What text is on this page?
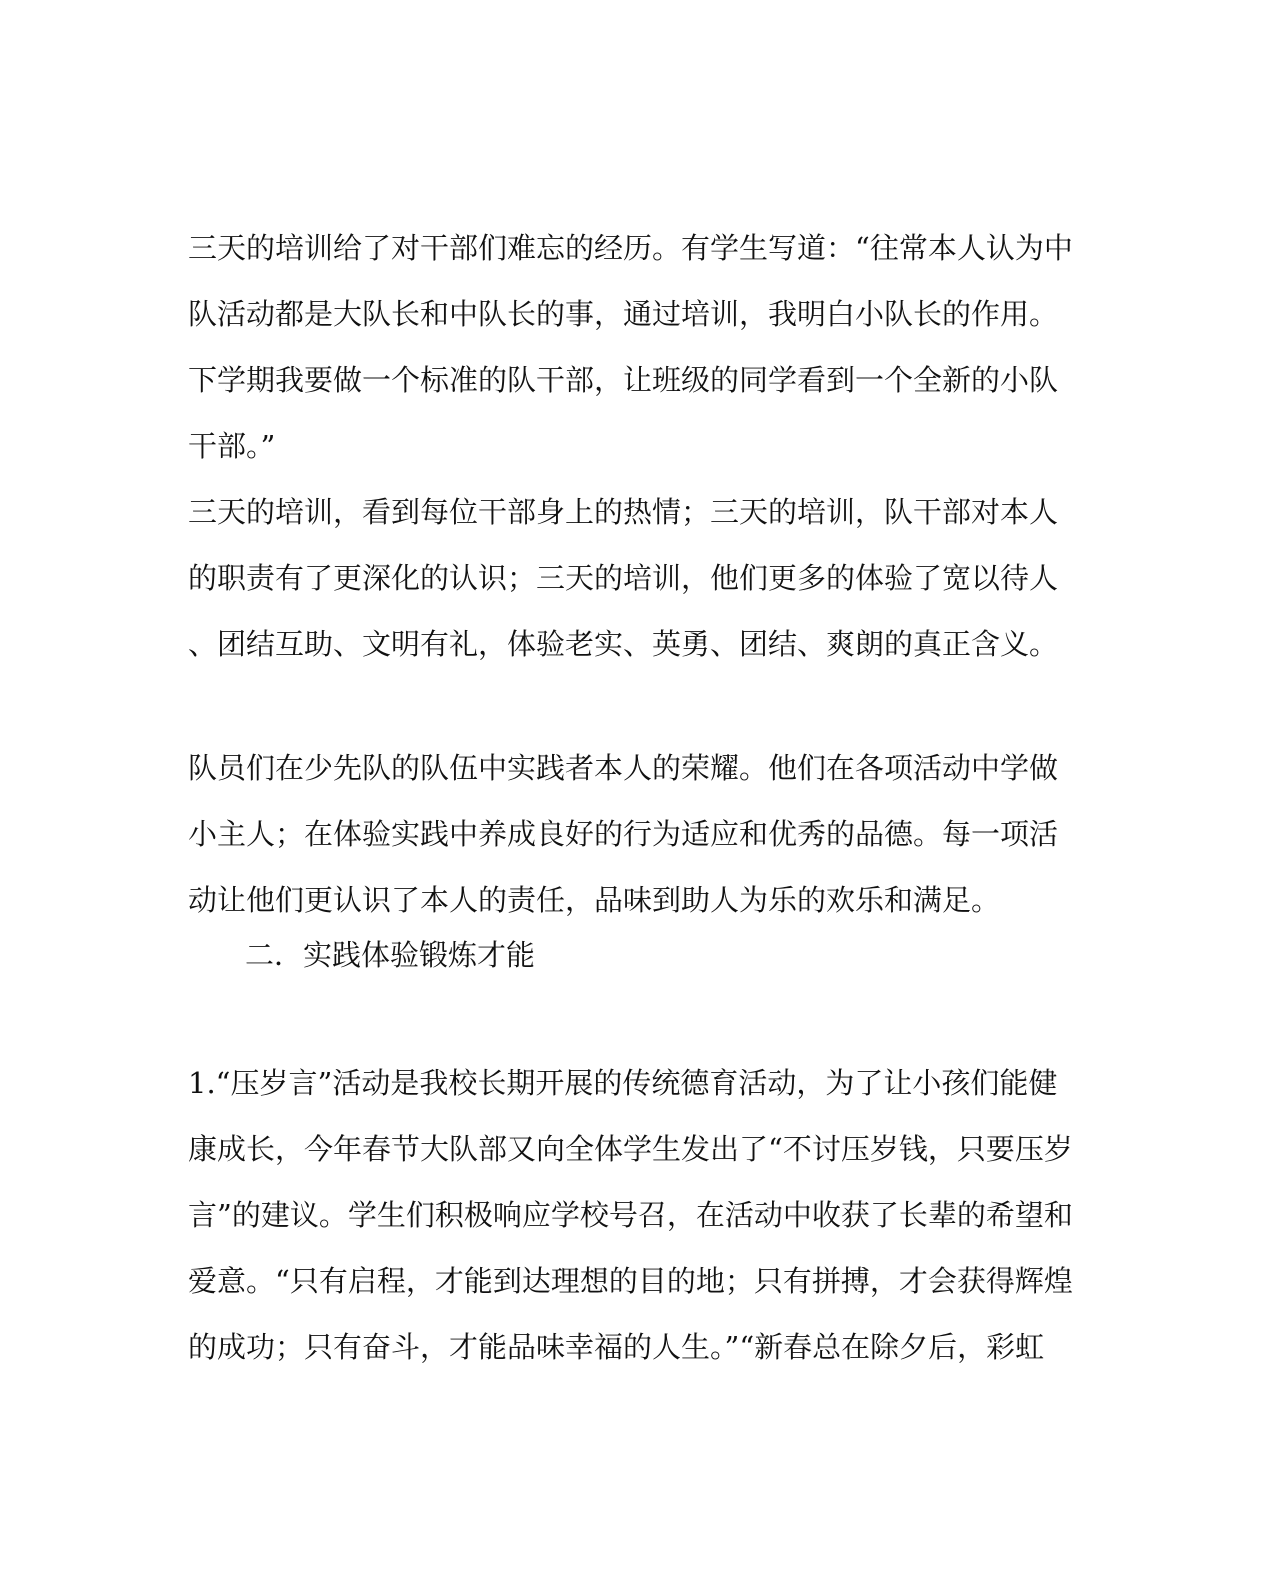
三天的培训给了对干部们难忘的经历。有学生写道：“往常本人认为中
队活动都是大队长和中队长的事，通过培训，我明白小队长的作用。
下学期我要做一个标准的队干部，让班级的同学看到一个全新的小队
干部。”
三天的培训，看到每位干部身上的热情；三天的培训，队干部对本人
的职责有了更深化的认识；三天的培训，他们更多的体验了宽以待人
、团结互助、文明有礼，体验老实、英勇、团结、爽朗的真正含义。
队员们在少先队的队伍中实践者本人的荣耀。他们在各项活动中学做
小主人；在体验实践中养成良好的行为适应和优秀的品德。每一项活
动让他们更认识了本人的责任，品味到助人为乐的欢乐和满足。
二．实践体验锻炼才能
1.“压岁言”活动是我校长期开展的传统德育活动，为了让小孩们能健
康成长，今年春节大队部又向全体学生发出了“不讨压岁钱，只要压岁
言”的建议。学生们积极响应学校号召，在活动中收获了长辈的希望和
爱意。“只有启程，才能到达理想的目的地；只有拼搏，才会获得辉煌
的成功；只有奋斗，才能品味幸福的人生。”“新春总在除夕后，彩虹
